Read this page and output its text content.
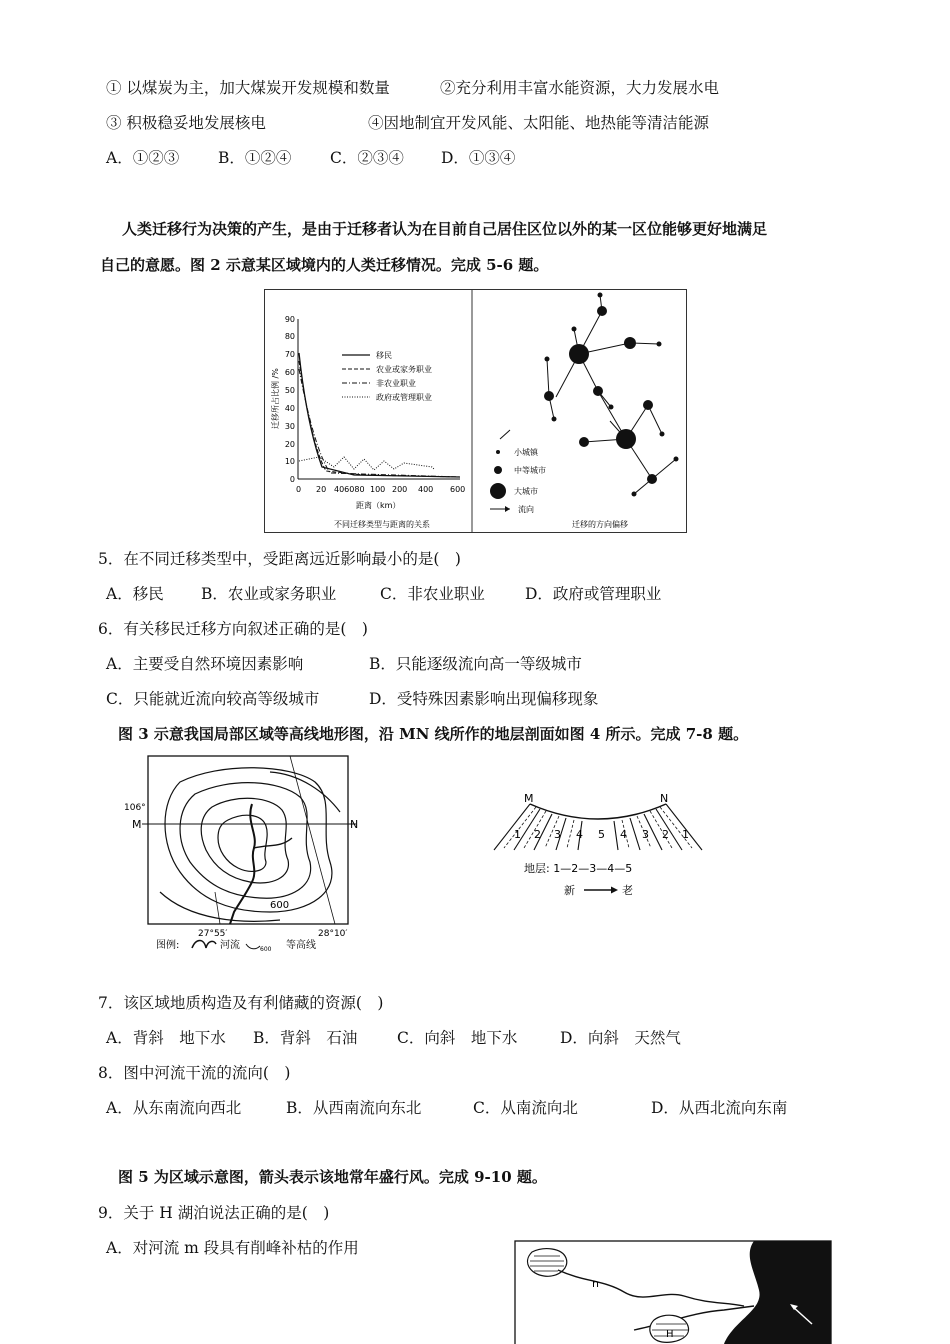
① 以煤炭为主，加大煤炭开发规模和数量	②充分利用丰富水能资源，大力发展水电
③ 积极稳妥地发展核电	④因地制宜开发风能、太阳能、地热能等清洁能源
A．①②③	B．①②④ C．②③④ D．①③④
人类迁移行为决策的产生，是由于迁移者认为在目前自己居住区位以外的某一区位能够更好地满足
自己的意愿。图 2 示意某区域境内的人类迁移情况。完成 5-6 题。
迁移所占比例 /%
90
80
70
60
50
40
30
20
10
0
0 20 406080 100 200 400 600
距离（km）
移民
农业或家务职业
非农业职业
政府或管理职业
不同迁移类型与距离的关系
小城镇
中等城市
大城市
流向
迁移的方向偏移
5．在不同迁移类型中，受距离远近影响最小的是(　)
A．移民 B．农业或家务职业	C．非农业职业	D．政府或管理职业
6．有关移民迁移方向叙述正确的是(　)
A．主要受自然环境因素影响	B．只能逐级流向高一等级城市
C．只能就近流向较高等级城市	D．受特殊因素影响出现偏移现象
图 3 示意我国局部区域等高线地形图，沿 MN 线所作的地层剖面如图 4 所示。完成 7-8 题。
106°
M	N
600
27°55′	28°10′
图例:	河流	600 等高线
M	N
1 2 3 4 5 4 3 2 1
地层: 1—2—3—4—5
新	老
7．该区域地质构造及有利储藏的资源(　)
A．背斜　地下水 B．背斜　石油	C．向斜　地下水	D．向斜　天然气
8．图中河流干流的流向(　)
A．从东南流向西北	B．从西南流向东北	C．从南流向北	D．从西北流向东南
图 5 为区域示意图，箭头表示该地常年盛行风。完成 9-10 题。
9．关于 H 湖泊说法正确的是(　)
A．对河流 m 段具有削峰补枯的作用
n
H
